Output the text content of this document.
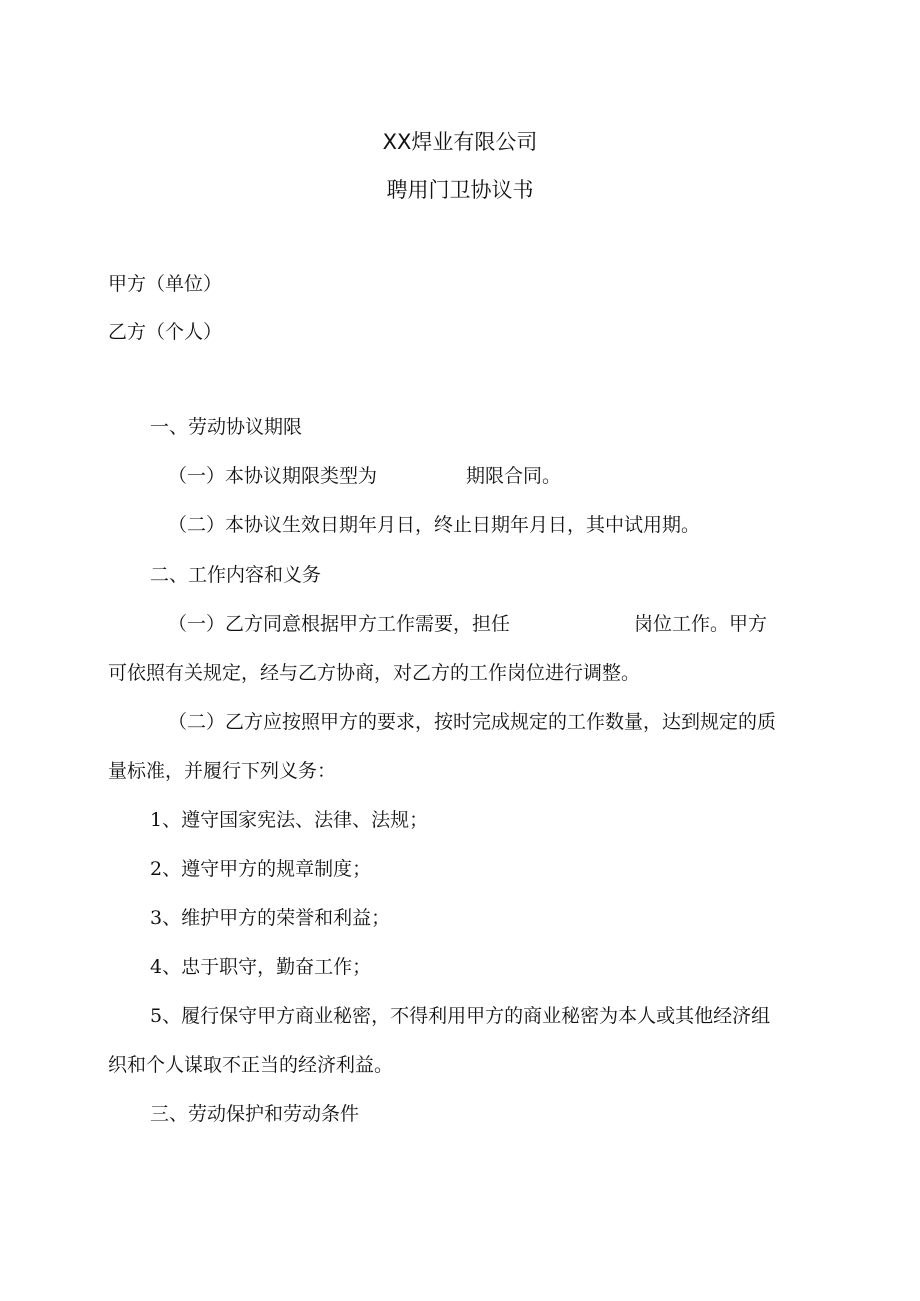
XX焊业有限公司
聘用门卫协议书
甲方（单位）
乙方（个人）
一、劳动协议期限
（一）本协议期限类型为	期限合同。
（二）本协议生效日期年月日，终止日期年月日，其中试用期。
二、工作内容和义务
（一）乙方同意根据甲方工作需要，担任	岗位工作。甲方
可依照有关规定，经与乙方协商，对乙方的工作岗位进行调整。
（二）乙方应按照甲方的要求，按时完成规定的工作数量，达到规定的质
量标准，并履行下列义务：
1、遵守国家宪法、法律、法规；
2、遵守甲方的规章制度；
3、维护甲方的荣誉和利益；
4、忠于职守，勤奋工作；
5、履行保守甲方商业秘密，不得利用甲方的商业秘密为本人或其他经济组
织和个人谋取不正当的经济利益。
三、劳动保护和劳动条件
